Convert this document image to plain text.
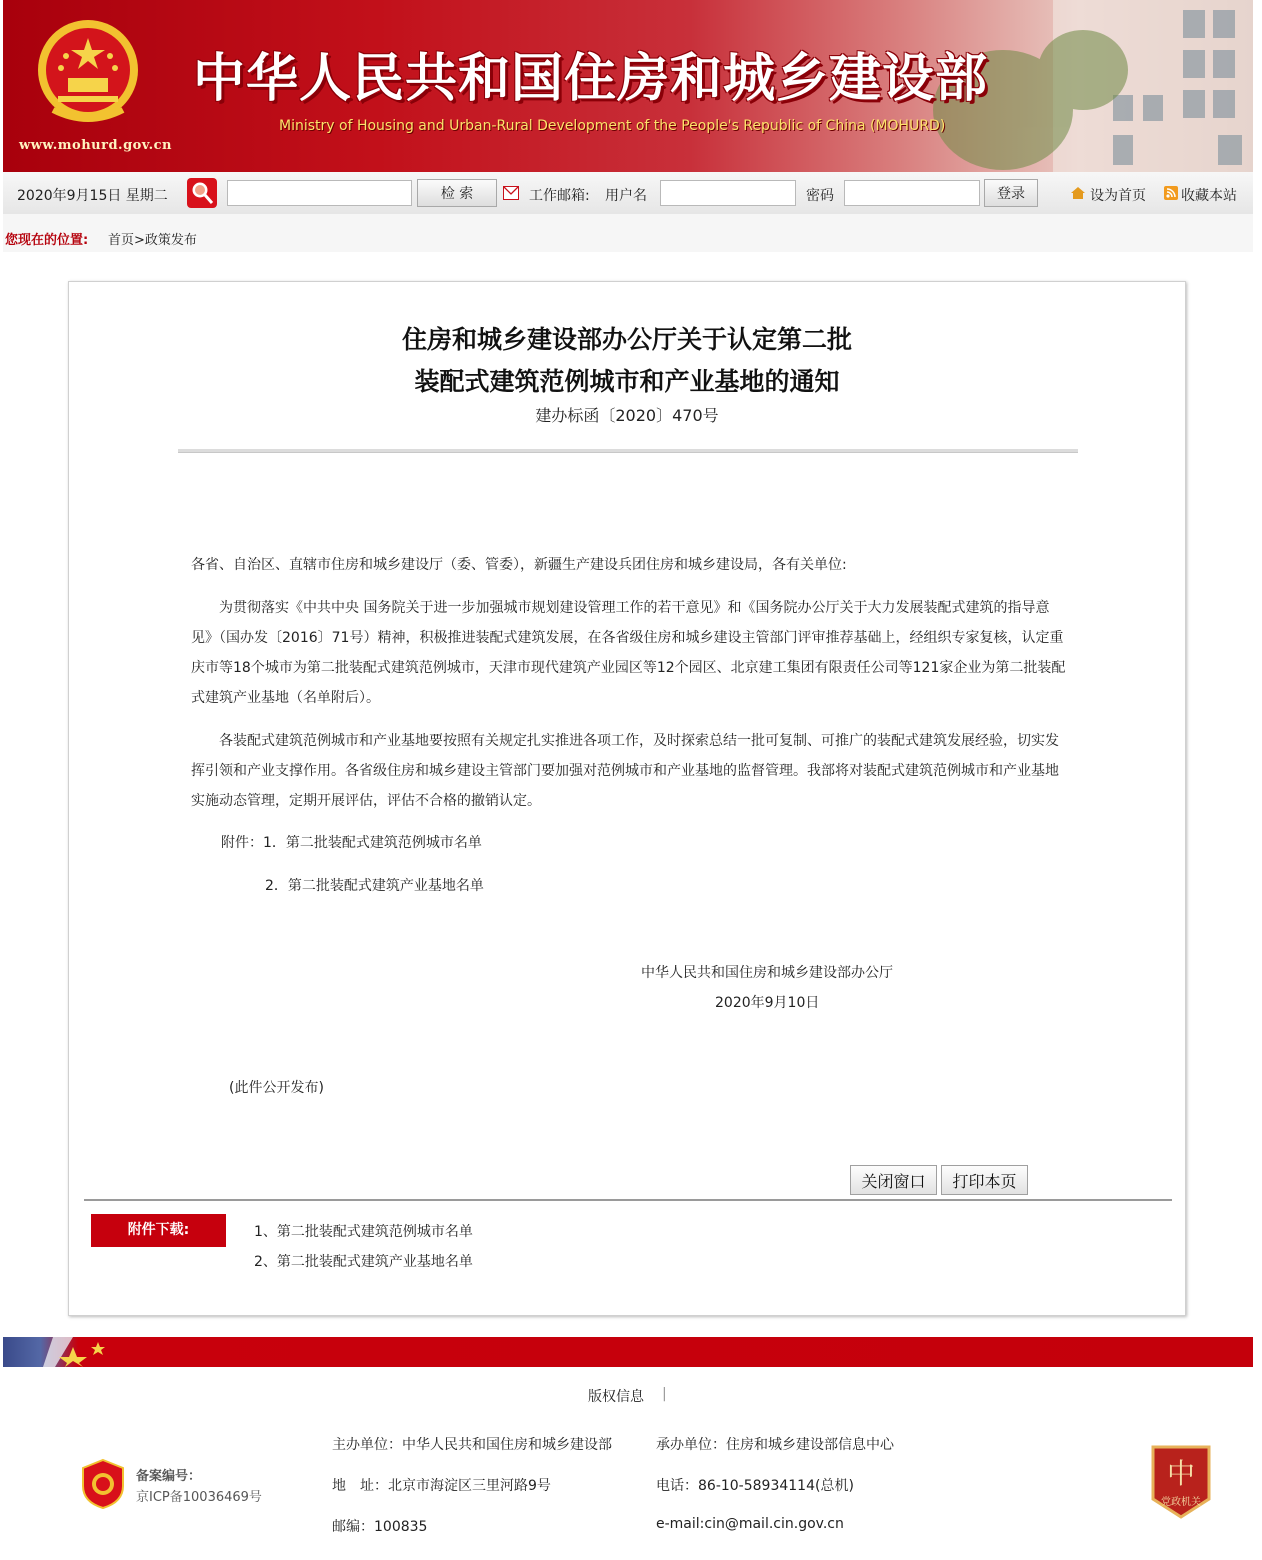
www.mohurd.gov.cn
中华人民共和国住房和城乡建设部
Ministry of Housing and Urban-Rural Development of the People's Republic of China (MOHURD)
2020年9月15日 星期二	检 索	工作邮箱: 用户名	密码	登录	设为首页	收藏本站
您现在的位置: 首页>政策发布
住房和城乡建设部办公厅关于认定第二批
装配式建筑范例城市和产业基地的通知
建办标函〔2020〕470号
各省、自治区、直辖市住房和城乡建设厅（委、管委），新疆生产建设兵团住房和城乡建设局，各有关单位:
为贯彻落实《中共中央 国务院关于进一步加强城市规划建设管理工作的若干意见》和《国务院办公厅关于大力发展装配式建筑的指导意见》（国办发〔2016〕71号）精神，积极推进装配式建筑发展，在各省级住房和城乡建设主管部门评审推荐基础上，经组织专家复核，认定重庆市等18个城市为第二批装配式建筑范例城市，天津市现代建筑产业园区等12个园区、北京建工集团有限责任公司等121家企业为第二批装配式建筑产业基地（名单附后）。
各装配式建筑范例城市和产业基地要按照有关规定扎实推进各项工作，及时探索总结一批可复制、可推广的装配式建筑发展经验，切实发挥引领和产业支撑作用。各省级住房和城乡建设主管部门要加强对范例城市和产业基地的监督管理。我部将对装配式建筑范例城市和产业基地实施动态管理，定期开展评估，评估不合格的撤销认定。
附件：1．第二批装配式建筑范例城市名单
2．第二批装配式建筑产业基地名单
中华人民共和国住房和城乡建设部办公厅
2020年9月10日
(此件公开发布)
关闭窗口	打印本页
附件下载:	1、第二批装配式建筑范例城市名单
2、第二批装配式建筑产业基地名单
版权信息 |
主办单位：中华人民共和国住房和城乡建设部	承办单位：住房和城乡建设部信息中心
地　址：北京市海淀区三里河路9号	电话：86-10-58934114(总机)
邮编：100835	e-mail:cin@mail.cin.gov.cn
备案编号：
京ICP备10036469号
中
党政机关
